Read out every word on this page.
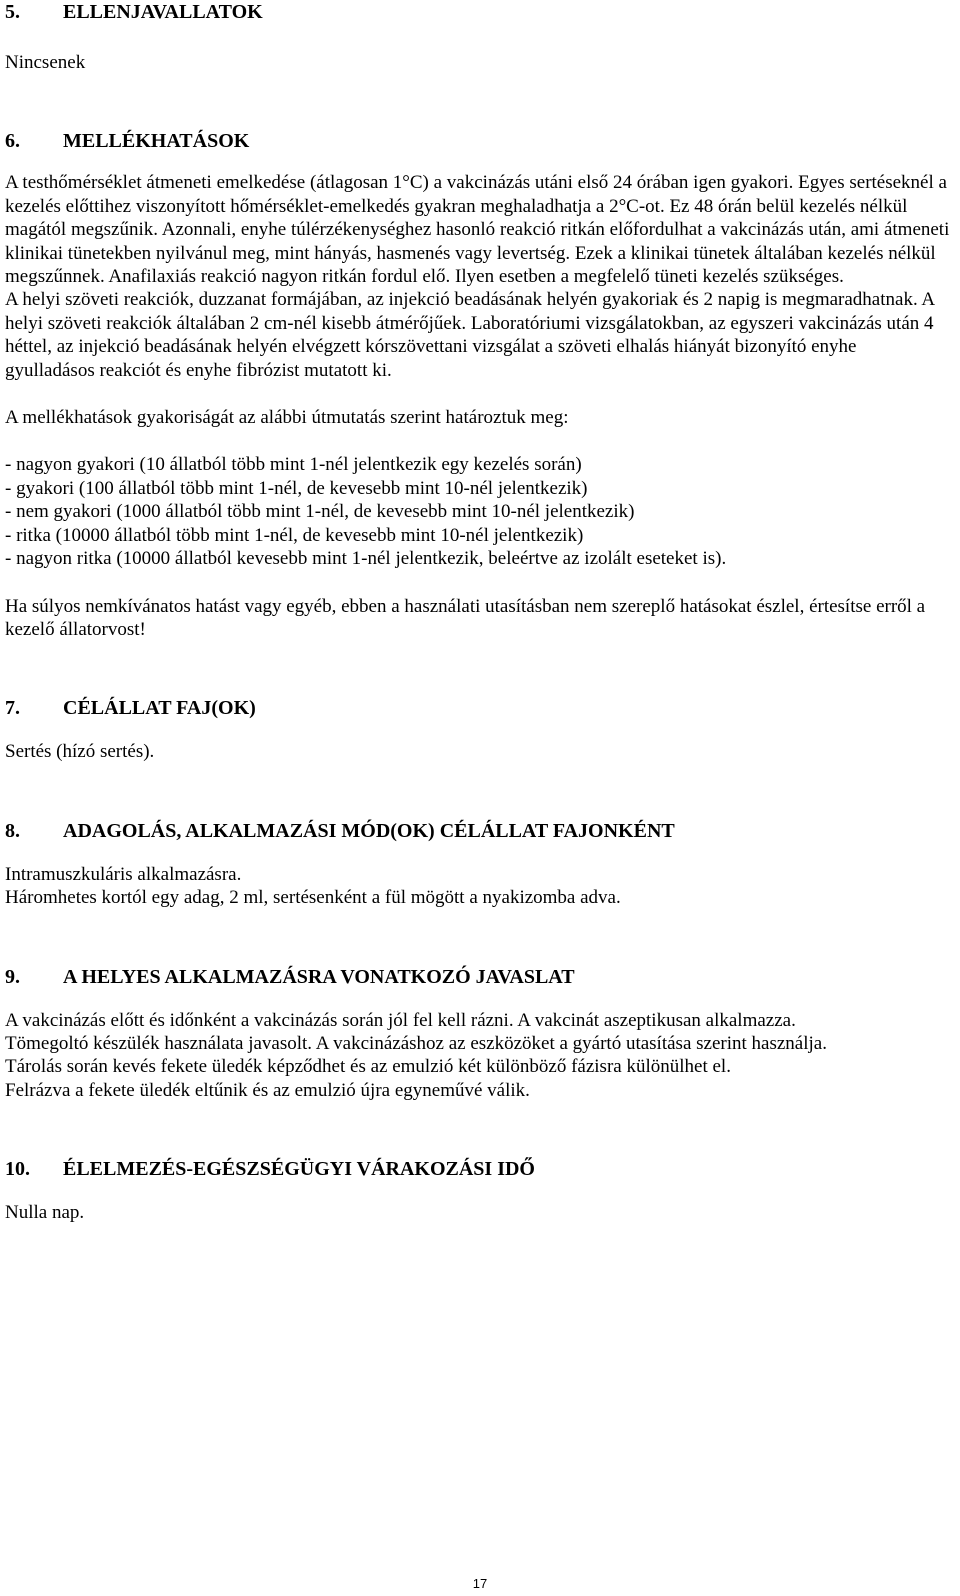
5.	ELLENJAVALLATOK

Nincsenek

6.	MELLÉKHATÁSOK

A testhőmérséklet átmeneti emelkedése (átlagosan 1°C) a vakcinázás utáni első 24 órában igen gyakori. Egyes sertéseknél a kezelés előttihez viszonyított hőmérséklet-emelkedés gyakran meghaladhatja a 2°C-ot. Ez 48 órán belül kezelés nélkül magától megszűnik. Azonnali, enyhe túlérzékenységhez hasonló reakció ritkán előfordulhat a vakcinázás után, ami átmeneti klinikai tünetekben nyilvánul meg, mint hányás, hasmenés vagy levertség. Ezek a klinikai tünetek általában kezelés nélkül megszűnnek. Anafilaxiás reakció nagyon ritkán fordul elő. Ilyen esetben a megfelelő tüneti kezelés szükséges.

A helyi szöveti reakciók, duzzanat formájában, az injekció beadásának helyén gyakoriak és 2 napig is megmaradhatnak. A helyi szöveti reakciók általában 2 cm-nél kisebb átmérőjűek. Laboratóriumi vizsgálatokban, az egyszeri vakcinázás után 4 héttel, az injekció beadásának helyén elvégzett kórszövettani vizsgálat a szöveti elhalás hiányát bizonyító enyhe gyulladásos reakciót és enyhe fibrózist mutatott ki.

A mellékhatások gyakoriságát az alábbi útmutatás szerint határoztuk meg:

- nagyon gyakori (10 állatból több mint 1-nél jelentkezik egy kezelés során)

- gyakori (100 állatból több mint 1-nél, de kevesebb mint 10-nél jelentkezik)

- nem gyakori (1000 állatból több mint 1-nél, de kevesebb mint 10-nél jelentkezik)

- ritka (10000 állatból több mint 1-nél, de kevesebb mint 10-nél jelentkezik)

- nagyon ritka (10000 állatból kevesebb mint 1-nél jelentkezik, beleértve az izolált eseteket is).

Ha súlyos nemkívánatos hatást vagy egyéb, ebben a használati utasításban nem szereplő hatásokat észlel, értesítse erről a kezelő állatorvost!

7.	CÉLÁLLAT FAJ(OK)

Sertés (hízó sertés).

8.	ADAGOLÁS, ALKALMAZÁSI MÓD(OK) CÉLÁLLAT FAJONKÉNT

Intramuszkuláris alkalmazásra.

Háromhetes kortól egy adag, 2 ml, sertésenként a fül mögött a nyakizomba adva.

9.	A HELYES ALKALMAZÁSRA VONATKOZÓ JAVASLAT

A vakcinázás előtt és időnként a vakcinázás során jól fel kell rázni. A vakcinát aszeptikusan alkalmazza.

Tömegoltó készülék használata javasolt. A vakcinázáshoz az eszközöket a gyártó utasítása szerint használja.

Tárolás során kevés fekete üledék képződhet és az emulzió két különböző fázisra különülhet el.

Felrázva a fekete üledék eltűnik és az emulzió újra egyneművé válik.

10.	ÉLELMEZÉS-EGÉSZSÉGÜGYI VÁRAKOZÁSI IDŐ

Nulla nap.

17
